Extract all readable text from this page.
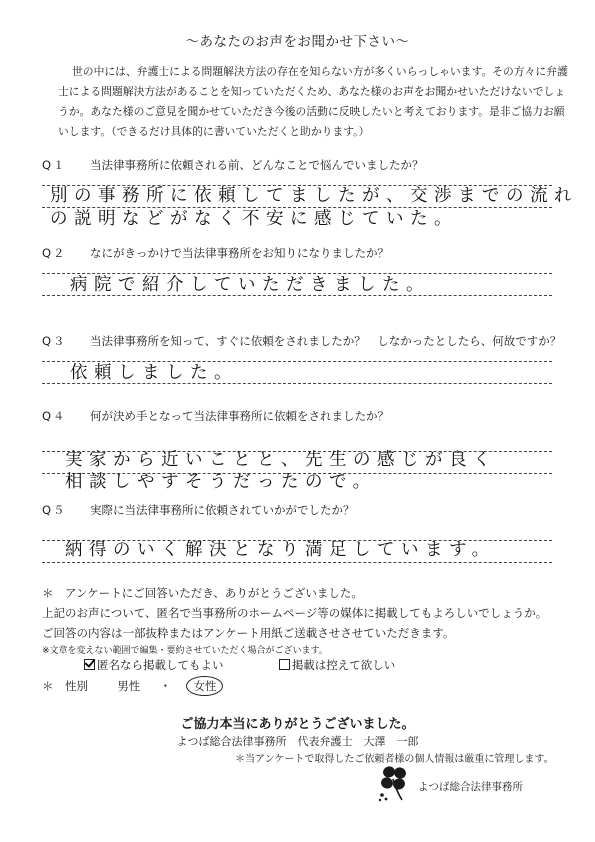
～あなたのお声をお聞かせ下さい～
世の中には、弁護士による問題解決方法の存在を知らない方が多くいらっしゃいます。その方々に弁護士による問題解決方法があることを知っていただくため、あなた様のお声をお聞かせいただけないでしょうか。あなた様のご意見を聞かせていただき今後の活動に反映したいと考えております。是非ご協力お願いします。（できるだけ具体的に書いていただくと助かります。）
Q１ 当法律事務所に依頼される前、どんなことで悩んでいましたか？
別の事務所に依頼してましたが、交渉までの流れ
の説明などがなく不安に感じていた。
Q２ なにがきっかけで当法律事務所をお知りになりましたか？
病院で紹介していただきました。
Q３ 当法律事務所を知って、すぐに依頼をされましたか？　しなかったとしたら、何故ですか？
依頼しました。
Q４ 何が決め手となって当法律事務所に依頼をされましたか？
実家から近いことと、先生の感じが良く
相談しやすそうだったので。
Q５ 実際に当法律事務所に依頼されていかがでしたか？
納得のいく解決となり満足しています。
＊　アンケートにご回答いただき、ありがとうございました。
上記のお声について、匿名で当事務所のホームページ等の媒体に掲載してもよろしいでしょうか。
ご回答の内容は一部抜粋またはアンケート用紙ご送載させさせていただきます。
※文章を変えない範囲で編集・要約させていただく場合がございます。
匿名なら掲載してもよい	掲載は控えて欲しい
＊　性別	男性 ・ 女性
ご協力本当にありがとうございました。
よつば総合法律事務所　代表弁護士　大澤　一郎
＊当アンケートで取得したご依頼者様の個人情報は厳重に管理します。
よつば総合法律事務所
